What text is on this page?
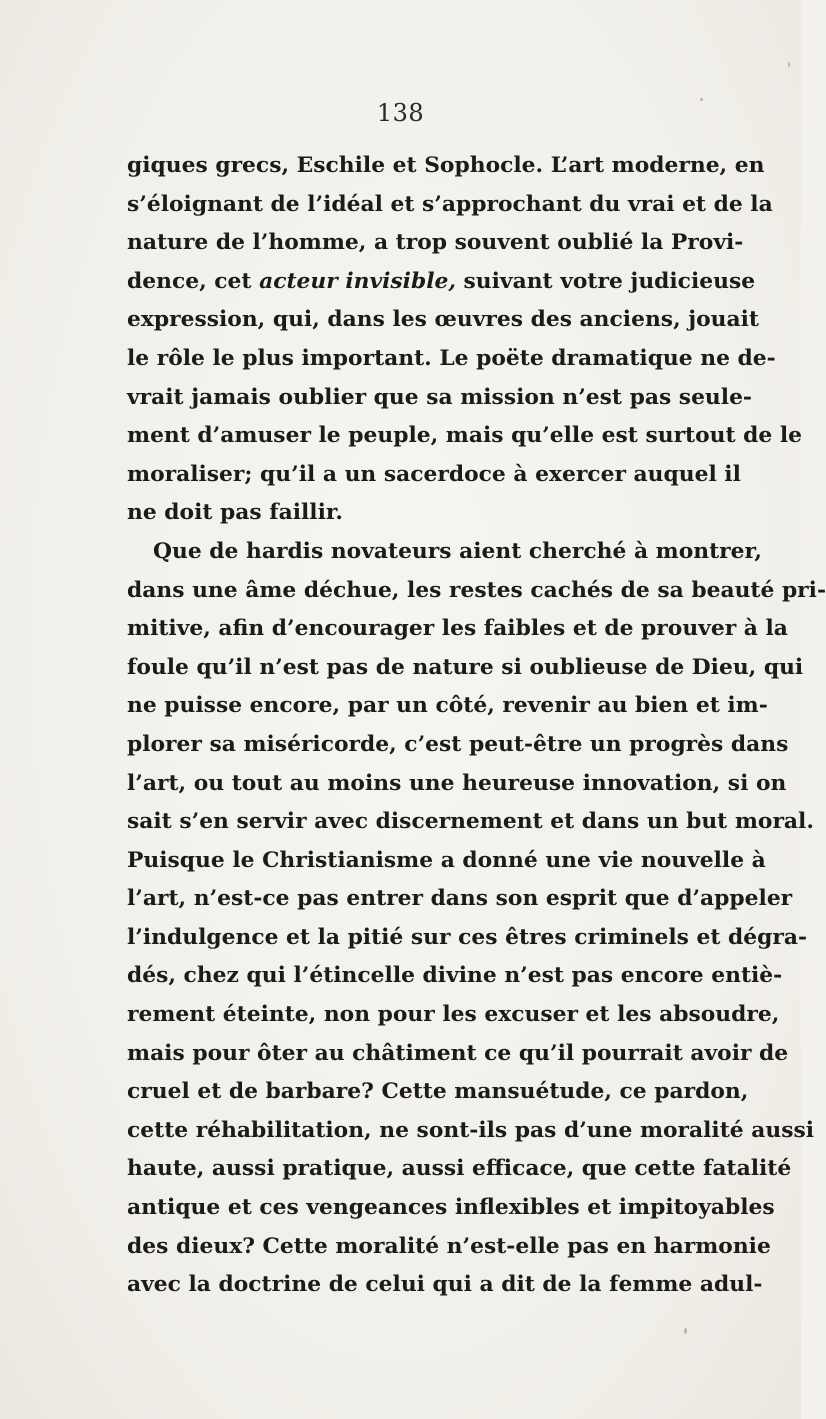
138
giques grecs, Eschile et Sophocle. L’art moderne, en
s’éloignant de l’idéal et s’approchant du vrai et de la
nature de l’homme, a trop souvent oublié la Provi-
dence, cet acteur invisible, suivant votre judicieuse
expression, qui, dans les œuvres des anciens, jouait
le rôle le plus important. Le poëte dramatique ne de-
vrait jamais oublier que sa mission n’est pas seule-
ment d’amuser le peuple, mais qu’elle est surtout de le
moraliser; qu’il a un sacerdoce à exercer auquel il
ne doit pas faillir.
Que de hardis novateurs aient cherché à montrer,
dans une âme déchue, les restes cachés de sa beauté pri-
mitive, afin d’encourager les faibles et de prouver à la
foule qu’il n’est pas de nature si oublieuse de Dieu, qui
ne puisse encore, par un côté, revenir au bien et im-
plorer sa miséricorde, c’est peut-être un progrès dans
l’art, ou tout au moins une heureuse innovation, si on
sait s’en servir avec discernement et dans un but moral.
Puisque le Christianisme a donné une vie nouvelle à
l’art, n’est-ce pas entrer dans son esprit que d’appeler
l’indulgence et la pitié sur ces êtres criminels et dégra-
dés, chez qui l’étincelle divine n’est pas encore entiè-
rement éteinte, non pour les excuser et les absoudre,
mais pour ôter au châtiment ce qu’il pourrait avoir de
cruel et de barbare? Cette mansuétude, ce pardon,
cette réhabilitation, ne sont-ils pas d’une moralité aussi
haute, aussi pratique, aussi efficace, que cette fatalité
antique et ces vengeances inflexibles et impitoyables
des dieux? Cette moralité n’est-elle pas en harmonie
avec la doctrine de celui qui a dit de la femme adul-
